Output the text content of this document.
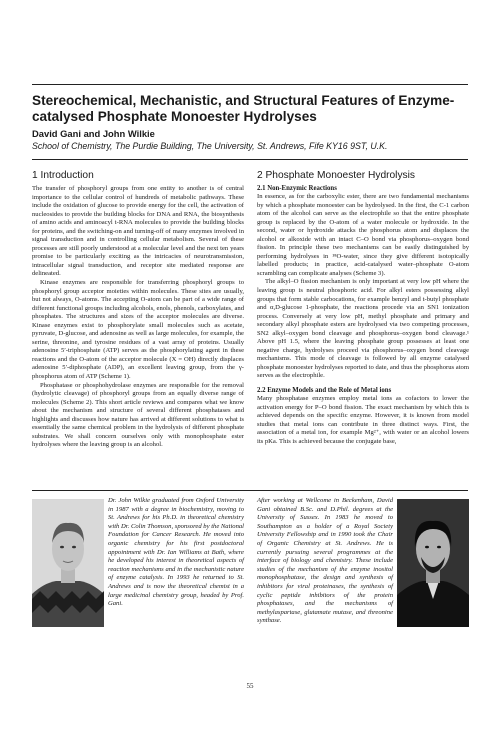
Stereochemical, Mechanistic, and Structural Features of Enzyme-catalysed Phosphate Monoester Hydrolyses
David Gani and John Wilkie
School of Chemistry, The Purdie Building, The University, St. Andrews, Fife KY16 9ST, U.K.
1 Introduction

The transfer of phosphoryl groups from one entity to another is of central importance to the cellular control of hundreds of metabolic pathways. These include the oxidation of glucose to provide energy for the cell, the activation of nucleosides to provide the building blocks for DNA and RNA, the biosynthesis of amino acids and aminoacyl t-RNA molecules to provide the building blocks for proteins, and the switching-on and turning-off of many enzymes involved in signal transduction and in controlling cellular metabolism. Several of these processes are still poorly understood at a molecular level and the next ten years promise to be particularly exciting as the intricacies of neurotransmission, intracellular signal transduction, and receptor site mediated response are delineated.

Kinase enzymes are responsible for transferring phosphoryl groups to phosphoryl group acceptor moieties within molecules. These sites are usually, but not always, O-atoms. The accepting O-atom can be part of a wide range of different functional groups including alcohols, enols, phenols, carboxylates, and phosphates. The structures and sizes of the acceptor molecules are diverse. Kinase enzymes exist to phosphorylate small molecules such as acetate, pyruvate, D-glucose, and adenosine as well as large molecules, for example, the serine, threonine, and tyrosine residues of a vast array of proteins. Usually adenosine 5′-triphosphate (ATP) serves as the phosphorylating agent in these reactions and the O-atom of the acceptor molecule (X = OH) directly displaces adenosine 5′-diphosphate (ADP), an excellent leaving group, from the γ-phosphorus atom of ATP (Scheme 1).

Phosphatase or phosphohydrolase enzymes are responsible for the removal (hydrolytic cleavage) of phosphoryl groups from an equally diverse range of molecules (Scheme 2). This short article reviews and compares what we know about the mechanism and structure of several different phosphatases and highlights and discusses how nature has arrived at different solutions to what is essentially the same chemical problem in the hydrolysis of different phosphate substrates. We shall concern ourselves only with monophosphate ester hydrolyses where the leaving group is an alcohol.

2 Phosphate Monoester Hydrolysis
2.1 Non-Enzymic Reactions

In essence, as for the carboxylic ester, there are two fundamental mechanisms by which a phosphate monoester can be hydrolysed. In the first, the C-1 carbon atom of the alcohol can serve as the electrophile so that the entire phosphate group is replaced by the O-atom of a water molecule or hydroxide. In the second, water or hydroxide attacks the phosphorus atom and displaces the alcohol or alkoxide with an intact C–O bond via phosphorus–oxygen bond fission. In principle these two mechanisms can be easily distinguished by performing hydrolyses in ¹⁸O-water, since they give different isotopically labelled products; in practice, acid-catalysed water–phosphate O-atom scrambling can complicate analyses (Scheme 3).

The alkyl–O fission mechanism is only important at very low pH where the leaving group is neutral phosphoric acid. For alkyl esters possessing alkyl groups that form stable carbocations, for example benzyl and t-butyl phosphate and α,D-glucose 1-phosphate, the reactions procede via an SN1 ionization process. Conversely at very low pH, methyl phosphate and primary and secondary alkyl phosphate esters are hydrolysed via two competing processes, SN2 alkyl–oxygen bond cleavage and phosphorus–oxygen bond cleavage.¹ Above pH 1.5, where the leaving phosphate group possesses at least one negative charge, hydrolyses proceed via phosphorus–oxygen bond cleavage mechanisms. This mode of cleavage is followed by all enzyme catalysed phosphate monoester hydrolyses reported to date, and thus the phosphorus atom serves as the electrophile.

2.2 Enzyme Models and the Role of Metal ions

Many phosphatase enzymes employ metal ions as cofactors to lower the activation energy for P–O bond fission. The exact mechanism by which this is achieved depends on the specific enzyme. However, it is known from model studies that metal ions can contribute in three distinct ways. First, the association of a metal ion, for example Mg²⁺, with water or an alcohol lowers its pKa. This is achieved because the conjugate base,

Dr. John Wilkie graduated from Oxford University in 1987 with a degree in biochemistry, moving to St. Andrews for his Ph.D. in theoretical chemistry with Dr. Colin Thomson, sponsored by the National Foundation for Cancer Research. He moved into organic chemistry for his first postdoctoral appointment with Dr. Ian Williams at Bath, where he developed his interest in theoretical aspects of reaction mechanisms and in the mechanistic nature of enzyme catalysis. In 1993 he returned to St. Andrews and is now the theoretical chemist in a large medicinal chemistry group, headed by Prof. Gani.
After working at Wellcome in Beckenham, David Gani obtained B.Sc. and D.Phil. degrees at the University of Sussex. In 1983 he moved to Southampton as a holder of a Royal Society University Fellowship and in 1990 took the Chair of Organic Chemistry at St. Andrews. He is currently pursuing several programmes at the interface of biology and chemistry. These include studies of the mechanism of the enzyme inositol monophosphatase, the design and synthesis of inhibitors for viral proteinases, the synthesis of cyclic peptide inhibitors of the protein phosphatases, and the mechanisms of methylaspartase, glutamate mutase, and threonine synthase.
55
